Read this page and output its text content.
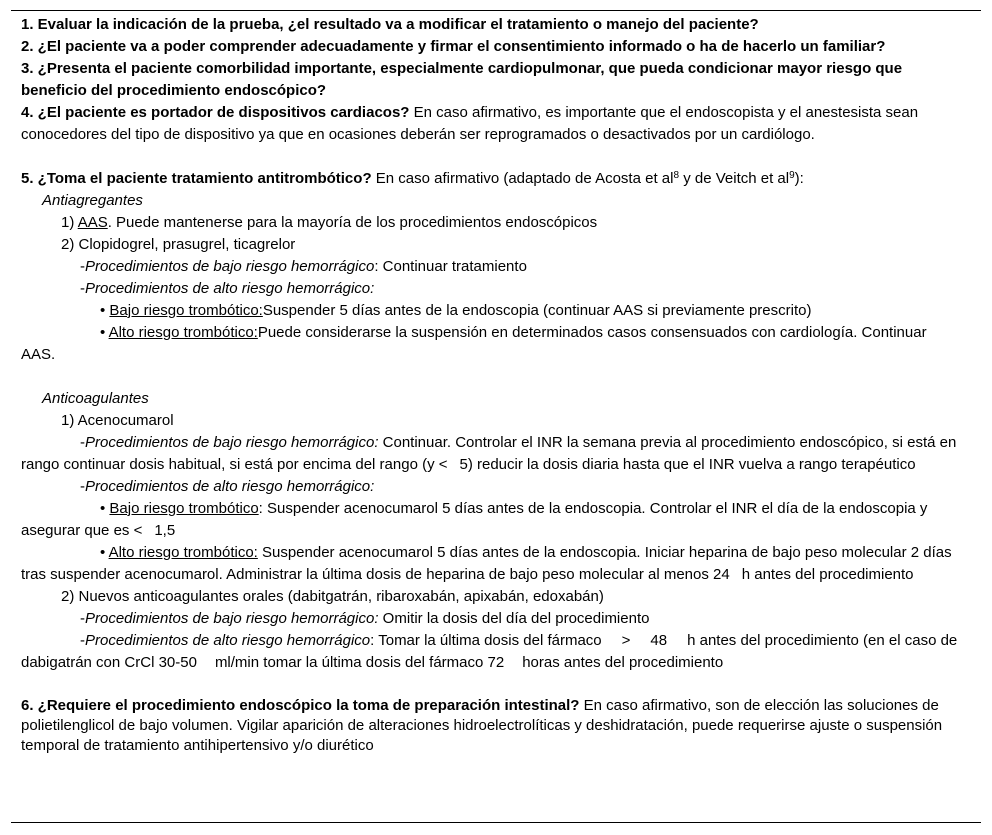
1. Evaluar la indicación de la prueba, ¿el resultado va a modificar el tratamiento o manejo del paciente?

2. ¿El paciente va a poder comprender adecuadamente y firmar el consentimiento informado o ha de hacerlo un familiar?

3. ¿Presenta el paciente comorbilidad importante, especialmente cardiopulmonar, que pueda condicionar mayor riesgo que beneficio del procedimiento endoscópico?

4. ¿El paciente es portador de dispositivos cardiacos? En caso afirmativo, es importante que el endoscopista y el anestesista sean conocedores del tipo de dispositivo ya que en ocasiones deberán ser reprogramados o desactivados por un cardiólogo.

5. ¿Toma el paciente tratamiento antitrombótico? En caso afirmativo (adaptado de Acosta et $al^8$ y de Veitch et $al^9$):

Antiagregantes
1) AAS. Puede mantenerse para la mayoría de los procedimientos endoscópicos
2) Clopidogrel, prasugrel, ticagrelor
-Procedimientos de bajo riesgo hemorrágico: Continuar tratamiento
-Procedimientos de alto riesgo hemorrágico:
• Bajo riesgo trombótico:Suspender 5 días antes de la endoscopia (continuar AAS si previamente prescrito)
• Alto riesgo trombótico:Puede considerarse la suspensión en determinados casos consensuados con cardiología. Continuar AAS.
Anticoagulantes
1) Acenocumarol
-Procedimientos de bajo riesgo hemorrágico: Continuar. Controlar el INR la semana previa al procedimiento endoscópico, si está en rango continuar dosis habitual, si está por encima del rango (y < 5) reducir la dosis diaria hasta que el INR vuelva a rango terapéutico
-Procedimientos de alto riesgo hemorrágico:
• Bajo riesgo trombótico: Suspender acenocumarol 5 días antes de la endoscopia. Controlar el INR el día de la endoscopia y asegurar que es < 1,5
• Alto riesgo trombótico: Suspender acenocumarol 5 días antes de la endoscopia. Iniciar heparina de bajo peso molecular 2 días tras suspender acenocumarol. Administrar la última dosis de heparina de bajo peso molecular al menos 24 h antes del procedimiento
2) Nuevos anticoagulantes orales (dabitgatrán, ribaroxabán, apixabán, edoxabán)
-Procedimientos de bajo riesgo hemorrágico: Omitir la dosis del día del procedimiento
-Procedimientos de alto riesgo hemorrágico: Tomar la última dosis del fármaco > 48 h antes del procedimiento (en el caso de dabigatrán con CrCl 30-50 ml/min tomar la última dosis del fármaco 72 horas antes del procedimiento

6. ¿Requiere el procedimiento endoscópico la toma de preparación intestinal? En caso afirmativo, son de elección las soluciones de polietilenglicol de bajo volumen. Vigilar aparición de alteraciones hidroelectrolíticas y deshidratación, puede requerirse ajuste o suspensión temporal de tratamiento antihipertensivo y/o diurético
